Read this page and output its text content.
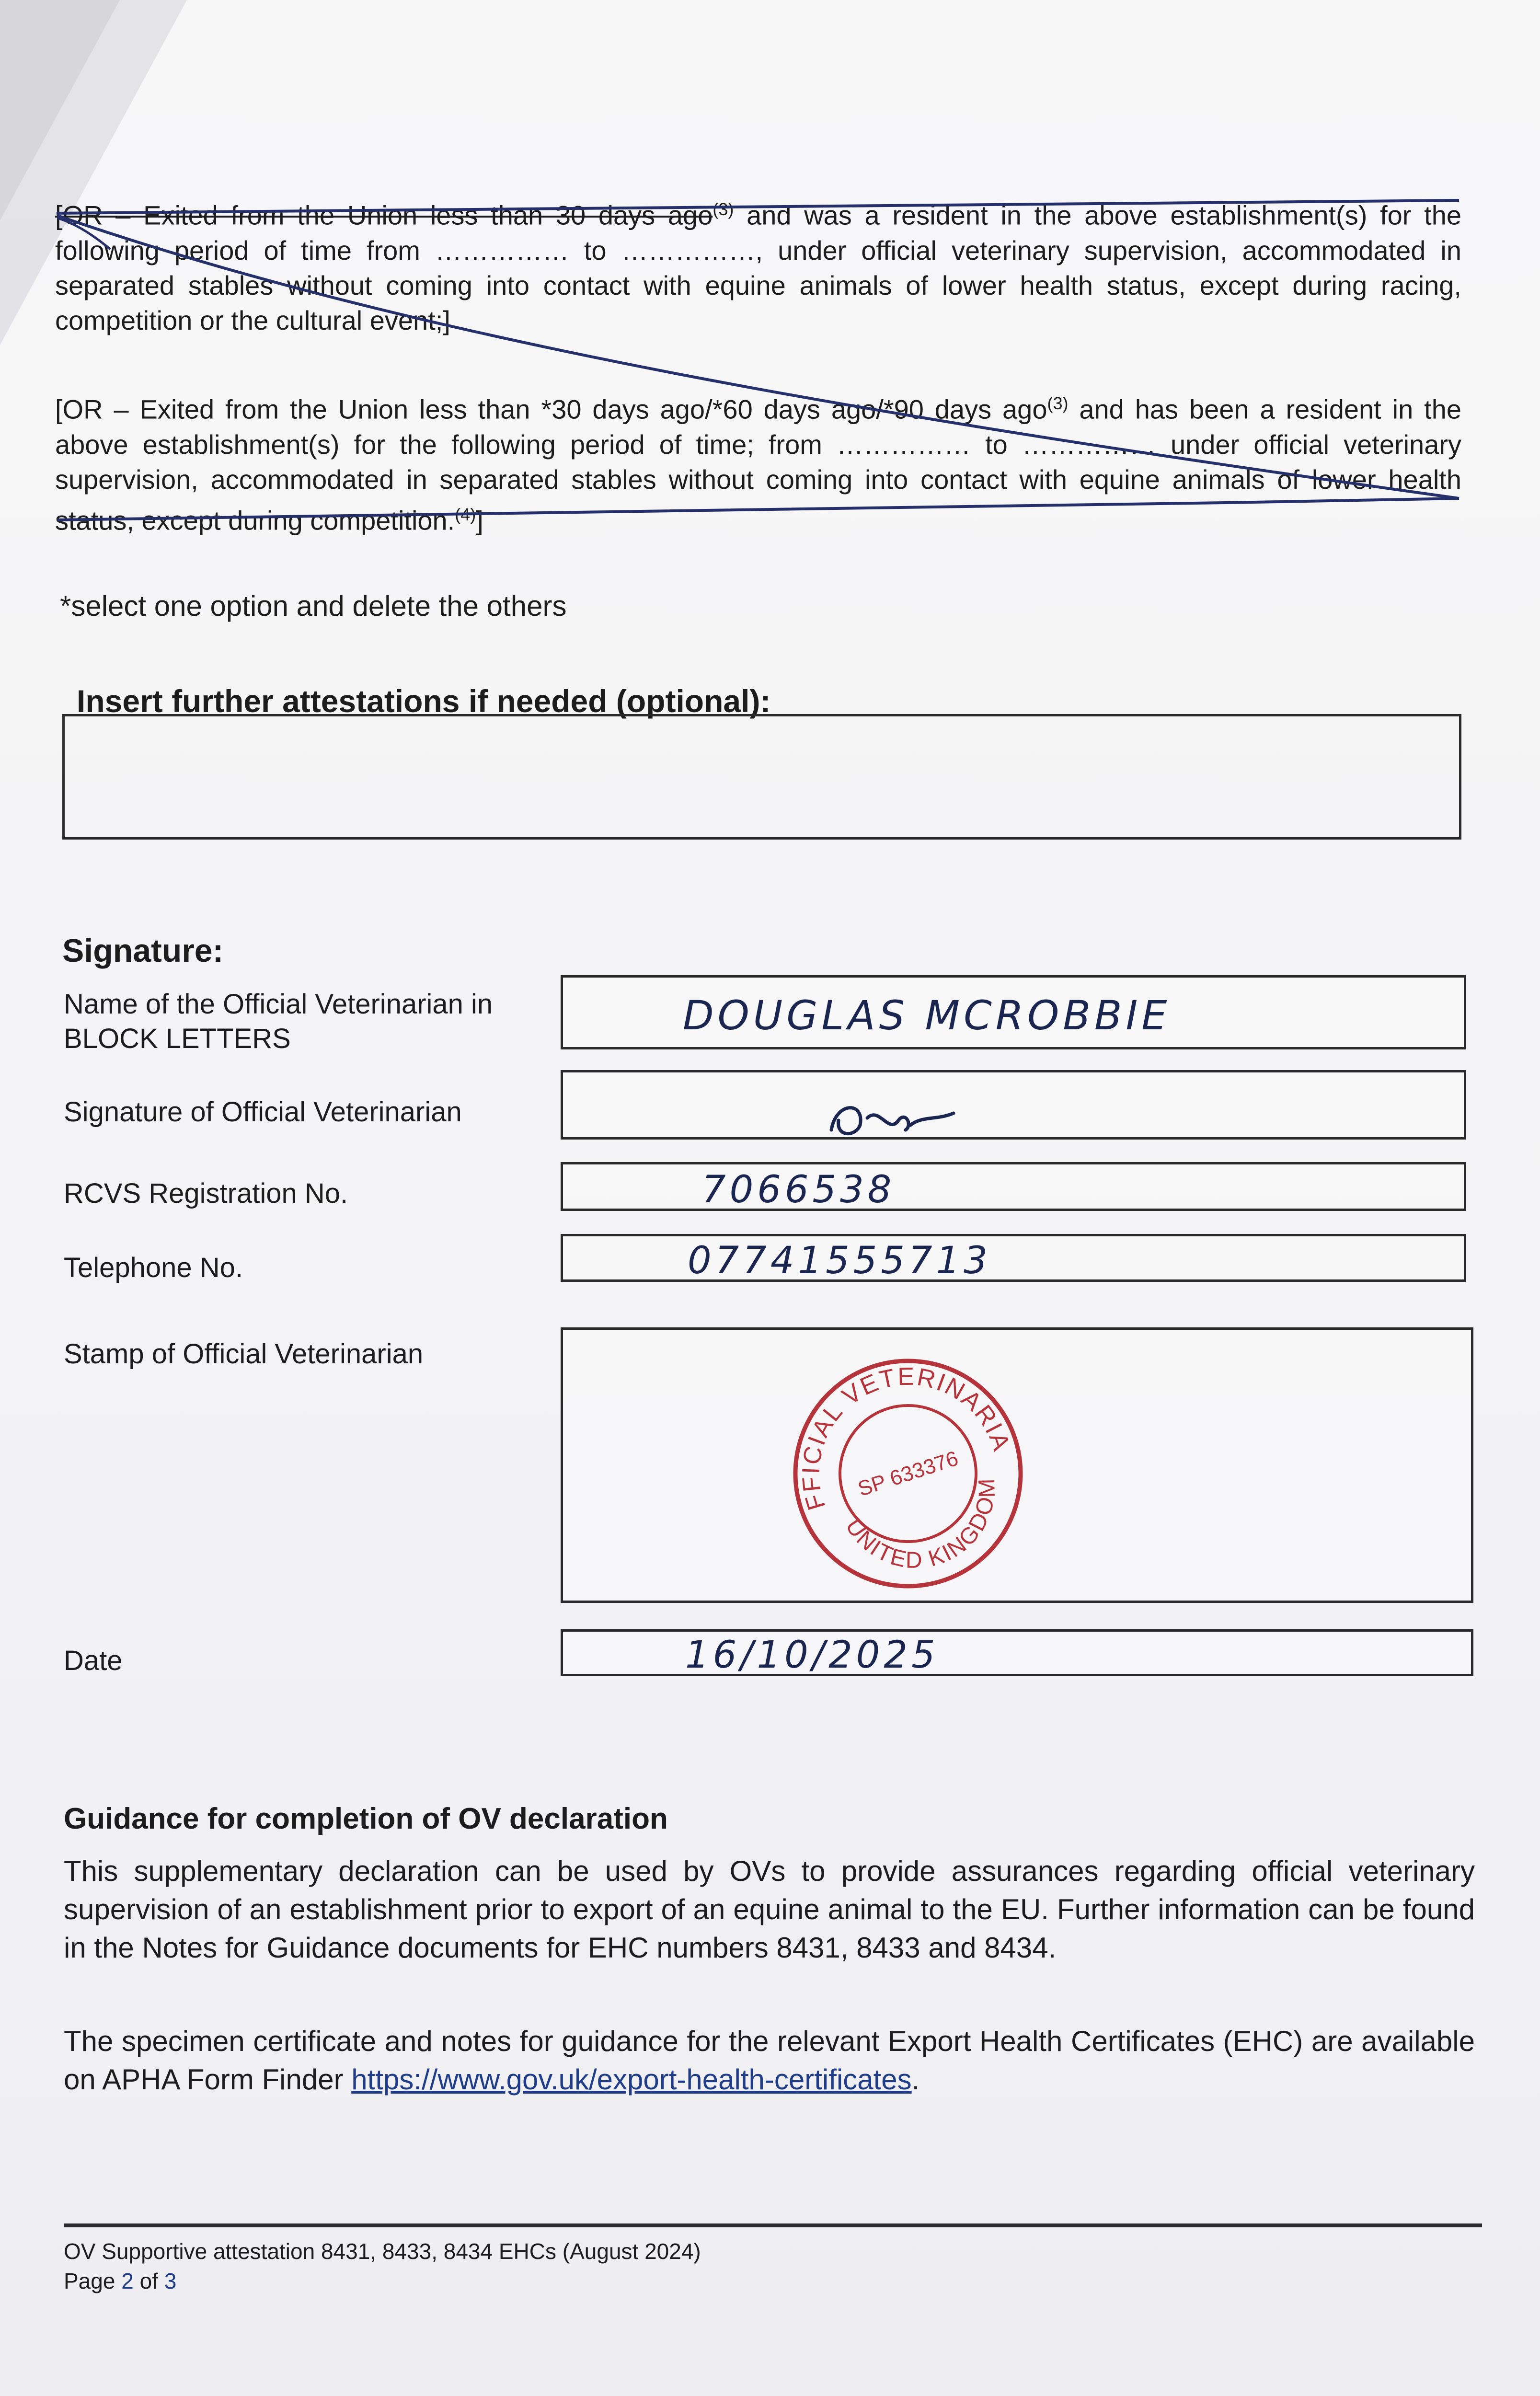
[OR – Exited from the Union less than 30 days ago$^{(3)}$ and was a resident in the above establishment(s) for the following period of time from …………… to ……………, under official veterinary supervision, accommodated in separated stables without coming into contact with equine animals of lower health status, except during racing, competition or the cultural event;]

[OR – Exited from the Union less than *30 days ago/*60 days ago/*90 days ago$^{(3)}$ and has been a resident in the above establishment(s) for the following period of time; from …………… to …………… under official veterinary supervision, accommodated in separated stables without coming into contact with equine animals of lower health status, except during competition.$^{(4)}$]

*select one option and delete the others
Insert further attestations if needed (optional):
Signature:
Name of the Official Veterinarian in
BLOCK LETTERS	DOUGLAS MCROBBIE
Signature of Official Veterinarian
RCVS Registration No.	7066538
Telephone No.	07741555713
Stamp of Official Veterinarian
OFFICIAL VETERINARIAN
UNITED KINGDOM
SP 633376
Date	16/10/2025
Guidance for completion of OV declaration

This supplementary declaration can be used by OVs to provide assurances regarding official veterinary supervision of an establishment prior to export of an equine animal to the EU. Further information can be found in the Notes for Guidance documents for EHC numbers 8431, 8433 and 8434.

The specimen certificate and notes for guidance for the relevant Export Health Certificates (EHC) are available on APHA Form Finder https://www.gov.uk/export-health-certificates.

OV Supportive attestation 8431, 8433, 8434 EHCs (August 2024)
Page 2 of 3
